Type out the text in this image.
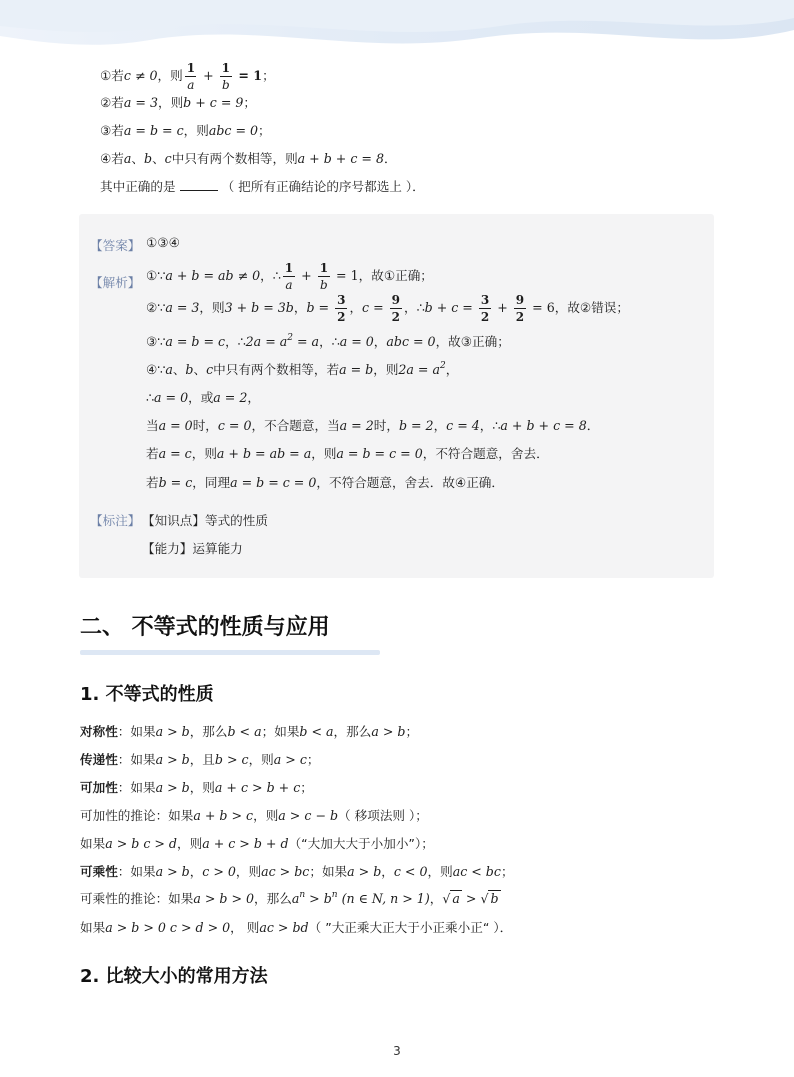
①若c ≠ 0，则 $\frac{1}{a} + \frac{1}{b} = 1$；
②若a = 3，则b + c = 9；
③若a = b = c，则abc = 0；
④若a、b、c中只有两个数相等，则a + b + c = 8．
其中正确的是	（ 把所有正确结论的序号都选上 ）．
【答案】 ①③④
【解析】 ①∵a + b = ab ≠ 0，∴ $\frac{1}{a} + \frac{1}{b} = 1$，故①正确；
②∵a = 3，则3 + b = 3b，$b = \frac{3}{2}$ ，$c = \frac{9}{2}$ ，∴b + $c = \frac{3}{2} + \frac{9}{2} = 6$，故②错误；
③∵a = b = c，∴2a = $a^2 = a$，∴a = 0，abc = 0，故③正确；
④∵a、b、c中只有两个数相等，若a = b，则$2a = a^2$，
∴a = 0，或a = 2，
当a = 0时，c = 0，不合题意，当a = 2时，b = 2，c = 4，∴a + b + c = 8．
若a = c，则a + b = ab = a，则a = b = c = 0，不符合题意，舍去．
若b = c，同理a = b = c = 0，不符合题意，舍去．故④正确．
【标注】 【知识点】等式的性质
【能力】运算能力
二、 不等式的性质与应用
1. 不等式的性质
对称性：如果a > b，那么b < a；如果b < a，那么a > b；
传递性：如果a > b，且b > c，则a > c；
可加性：如果a > b，则a + c > b + c；
可加性的推论：如果a + b > c，则a > c − b（ 移项法则 ）；
如果a > b c > d，则a + c > b + d（“大加大大于小加小”）；
可乘性：如果a > b，c > 0，则ac > bc；如果a > b，c < 0，则ac < bc；
可乘性的推论：如果a > b > 0，那么$a^n > b^n$ (n ∈ N, n > 1)，√ a > √ b
如果a > b > 0 c > d > 0， 则ac > bd（ ”大正乘大正大于小正乘小正“ ）．
2. 比较大小的常用方法
3
